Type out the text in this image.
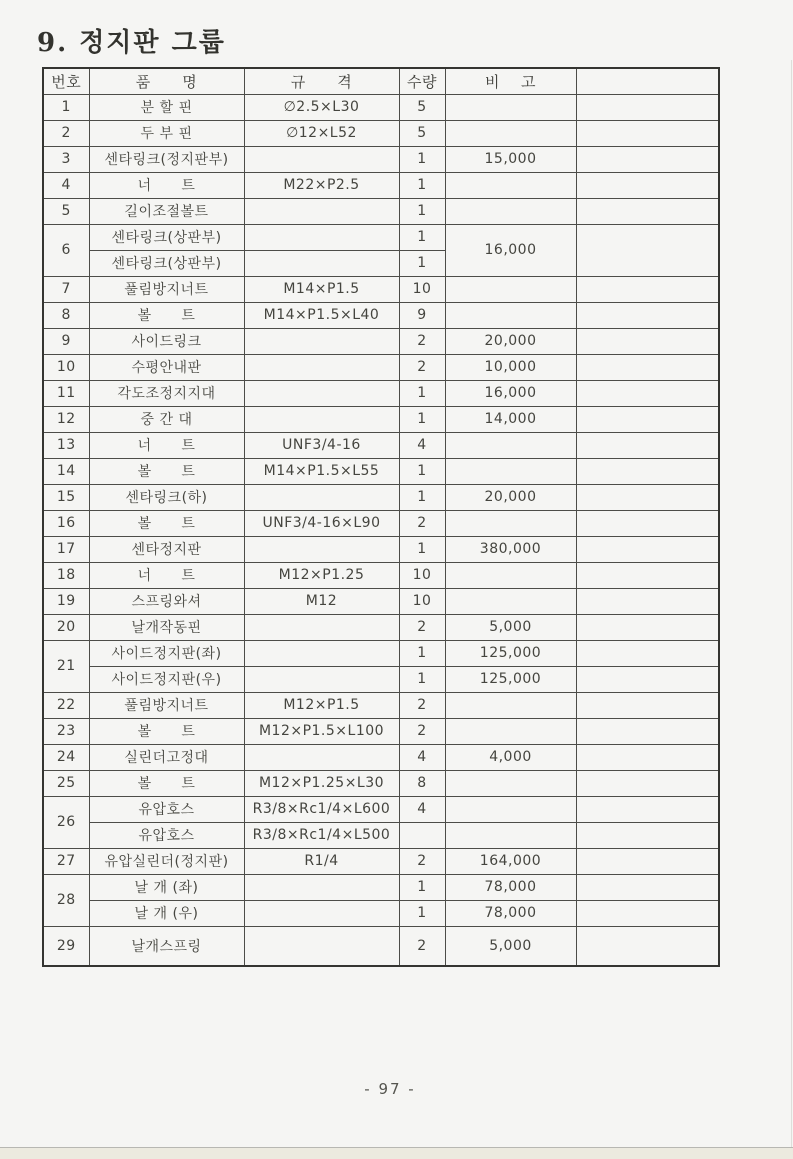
9. 정지판 그룹
번호	품      명	규      격	수량	비    고	
1	분 할 핀	∅2.5×L30	5		
2	두 부 핀	∅12×L52	5		
3	센타링크(정지판부)		1	15,000	
4	너      트	M22×P2.5	1		
5	길이조절볼트		1		
6	센타링크(상판부)		1	16,000	
	센타링크(상판부)		1		
7	풀림방지너트	M14×P1.5	10		
8	볼      트	M14×P1.5×L40	9		
9	사이드링크		2	20,000	
10	수평안내판		2	10,000	
11	각도조정지지대		1	16,000	
12	중 간 대		1	14,000	
13	너      트	UNF3/4-16	4		
14	볼      트	M14×P1.5×L55	1		
15	센타링크(하)		1	20,000	
16	볼      트	UNF3/4-16×L90	2		
17	센타정지판		1	380,000	
18	너      트	M12×P1.25	10		
19	스프링와셔	M12	10		
20	날개작동핀		2	5,000	
21	사이드정지판(좌)		1	125,000	
	사이드정지판(우)		1	125,000	
22	풀림방지너트	M12×P1.5	2		
23	볼      트	M12×P1.5×L100	2		
24	실린더고정대		4	4,000	
25	볼      트	M12×P1.25×L30	8		
26	유압호스	R3/8×Rc1/4×L600	4		
	유압호스	R3/8×Rc1/4×L500			
27	유압실린더(정지판)	R1/4	2	164,000	
28	날 개 (좌)		1	78,000	
	날 개 (우)		1	78,000	
29	날개스프링		2	5,000	
- 97 -
